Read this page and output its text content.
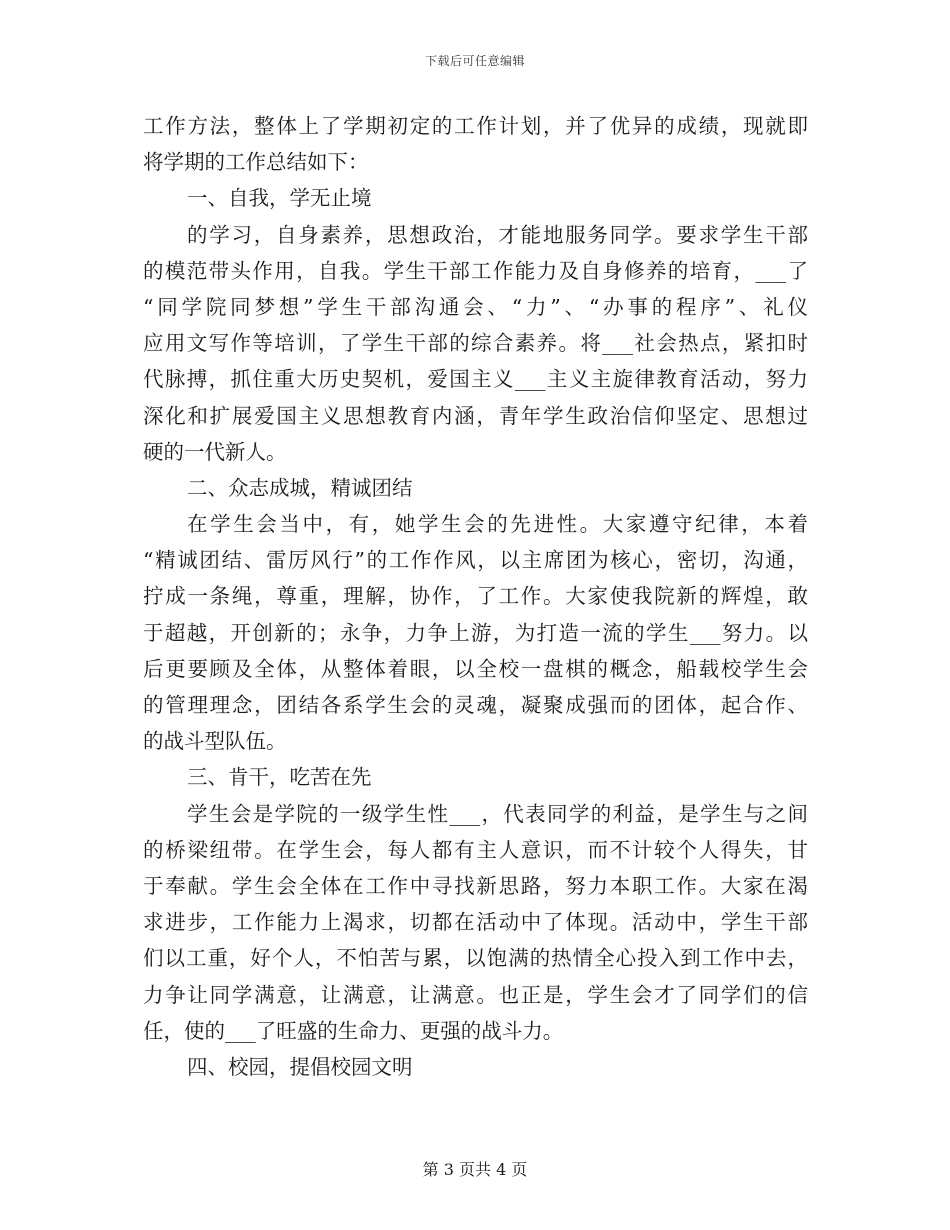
下载后可任意编辑
工作方法，整体上了学期初定的工作计划，并了优异的成绩，现就即
将学期的工作总结如下：
一、自我，学无止境
的学习，自身素养，思想政治，才能地服务同学。要求学生干部
的模范带头作用，自我。学生干部工作能力及自身修养的培育，___了
“同学院同梦想”学生干部沟通会、“力”、“办事的程序”、礼仪
应用文写作等培训，了学生干部的综合素养。将___社会热点，紧扣时
代脉搏，抓住重大历史契机，爱国主义___主义主旋律教育活动，努力
深化和扩展爱国主义思想教育内涵，青年学生政治信仰坚定、思想过
硬的一代新人。
二、众志成城，精诚团结
在学生会当中，有，她学生会的先进性。大家遵守纪律，本着
“精诚团结、雷厉风行”的工作作风，以主席团为核心，密切，沟通，
拧成一条绳，尊重，理解，协作，了工作。大家使我院新的辉煌，敢
于超越，开创新的；永争，力争上游，为打造一流的学生___努力。以
后更要顾及全体，从整体着眼，以全校一盘棋的概念，船载校学生会
的管理理念，团结各系学生会的灵魂，凝聚成强而的团体，起合作、
的战斗型队伍。
三、肯干，吃苦在先
学生会是学院的一级学生性___，代表同学的利益，是学生与之间
的桥梁纽带。在学生会，每人都有主人意识，而不计较个人得失，甘
于奉献。学生会全体在工作中寻找新思路，努力本职工作。大家在渴
求进步，工作能力上渴求，切都在活动中了体现。活动中，学生干部
们以工重，好个人，不怕苦与累，以饱满的热情全心投入到工作中去，
力争让同学满意，让满意，让满意。也正是，学生会才了同学们的信
任，使的___了旺盛的生命力、更强的战斗力。
四、校园，提倡校园文明
第 3 页共 4 页
